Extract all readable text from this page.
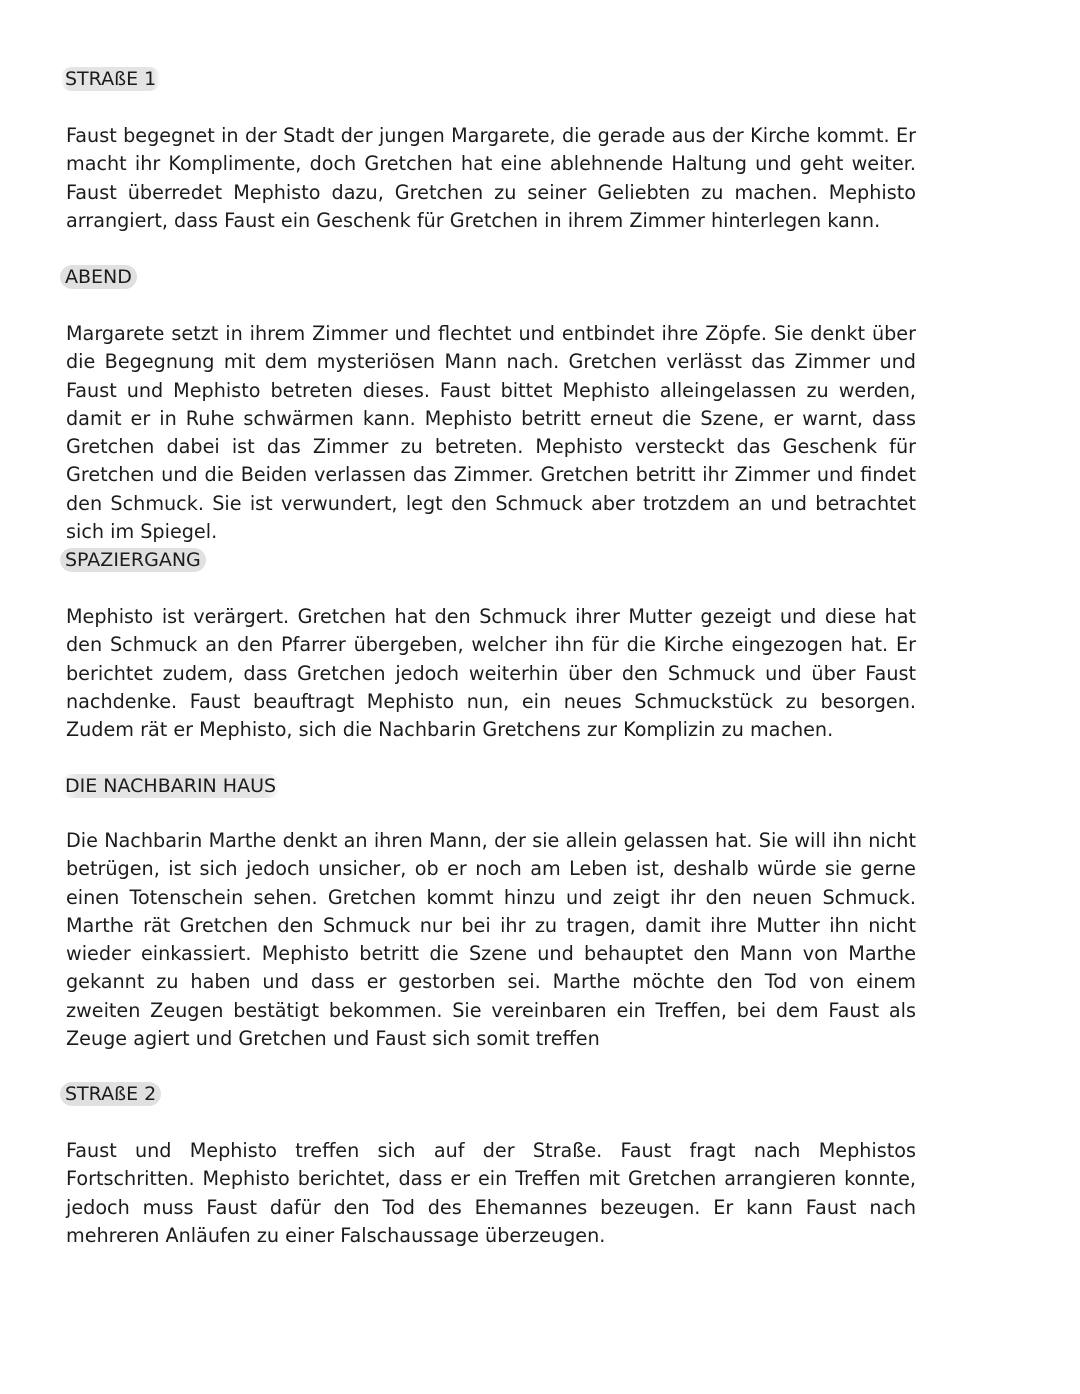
STRAßE 1

Faust begegnet in der Stadt der jungen Margarete, die gerade aus der Kirche kommt. Er macht ihr Komplimente, doch Gretchen hat eine ablehnende Haltung und geht weiter. Faust überredet Mephisto dazu, Gretchen zu seiner Geliebten zu machen. Mephisto arrangiert, dass Faust ein Geschenk für Gretchen in ihrem Zimmer hinterlegen kann.

ABEND

Margarete setzt in ihrem Zimmer und flechtet und entbindet ihre Zöpfe. Sie denkt über die Begegnung mit dem mysteriösen Mann nach. Gretchen verlässt das Zimmer und Faust und Mephisto betreten dieses. Faust bittet Mephisto alleingelassen zu werden, damit er in Ruhe schwärmen kann. Mephisto betritt erneut die Szene, er warnt, dass Gretchen dabei ist das Zimmer zu betreten. Mephisto versteckt das Geschenk für Gretchen und die Beiden verlassen das Zimmer. Gretchen betritt ihr Zimmer und findet den Schmuck. Sie ist verwundert, legt den Schmuck aber trotzdem an und betrachtet sich im Spiegel.

SPAZIERGANG

Mephisto ist verärgert. Gretchen hat den Schmuck ihrer Mutter gezeigt und diese hat den Schmuck an den Pfarrer übergeben, welcher ihn für die Kirche eingezogen hat. Er berichtet zudem, dass Gretchen jedoch weiterhin über den Schmuck und über Faust nachdenke. Faust beauftragt Mephisto nun, ein neues Schmuckstück zu besorgen. Zudem rät er Mephisto, sich die Nachbarin Gretchens zur Komplizin zu machen.

DIE NACHBARIN HAUS

Die Nachbarin Marthe denkt an ihren Mann, der sie allein gelassen hat. Sie will ihn nicht betrügen, ist sich jedoch unsicher, ob er noch am Leben ist, deshalb würde sie gerne einen Totenschein sehen. Gretchen kommt hinzu und zeigt ihr den neuen Schmuck. Marthe rät Gretchen den Schmuck nur bei ihr zu tragen, damit ihre Mutter ihn nicht wieder einkassiert. Mephisto betritt die Szene und behauptet den Mann von Marthe gekannt zu haben und dass er gestorben sei. Marthe möchte den Tod von einem zweiten Zeugen bestätigt bekommen. Sie vereinbaren ein Treffen, bei dem Faust als Zeuge agiert und Gretchen und Faust sich somit treffen

STRAßE 2

Faust und Mephisto treffen sich auf der Straße. Faust fragt nach Mephistos Fortschritten. Mephisto berichtet, dass er ein Treffen mit Gretchen arrangieren konnte, jedoch muss Faust dafür den Tod des Ehemannes bezeugen. Er kann Faust nach mehreren Anläufen zu einer Falschaussage überzeugen.
